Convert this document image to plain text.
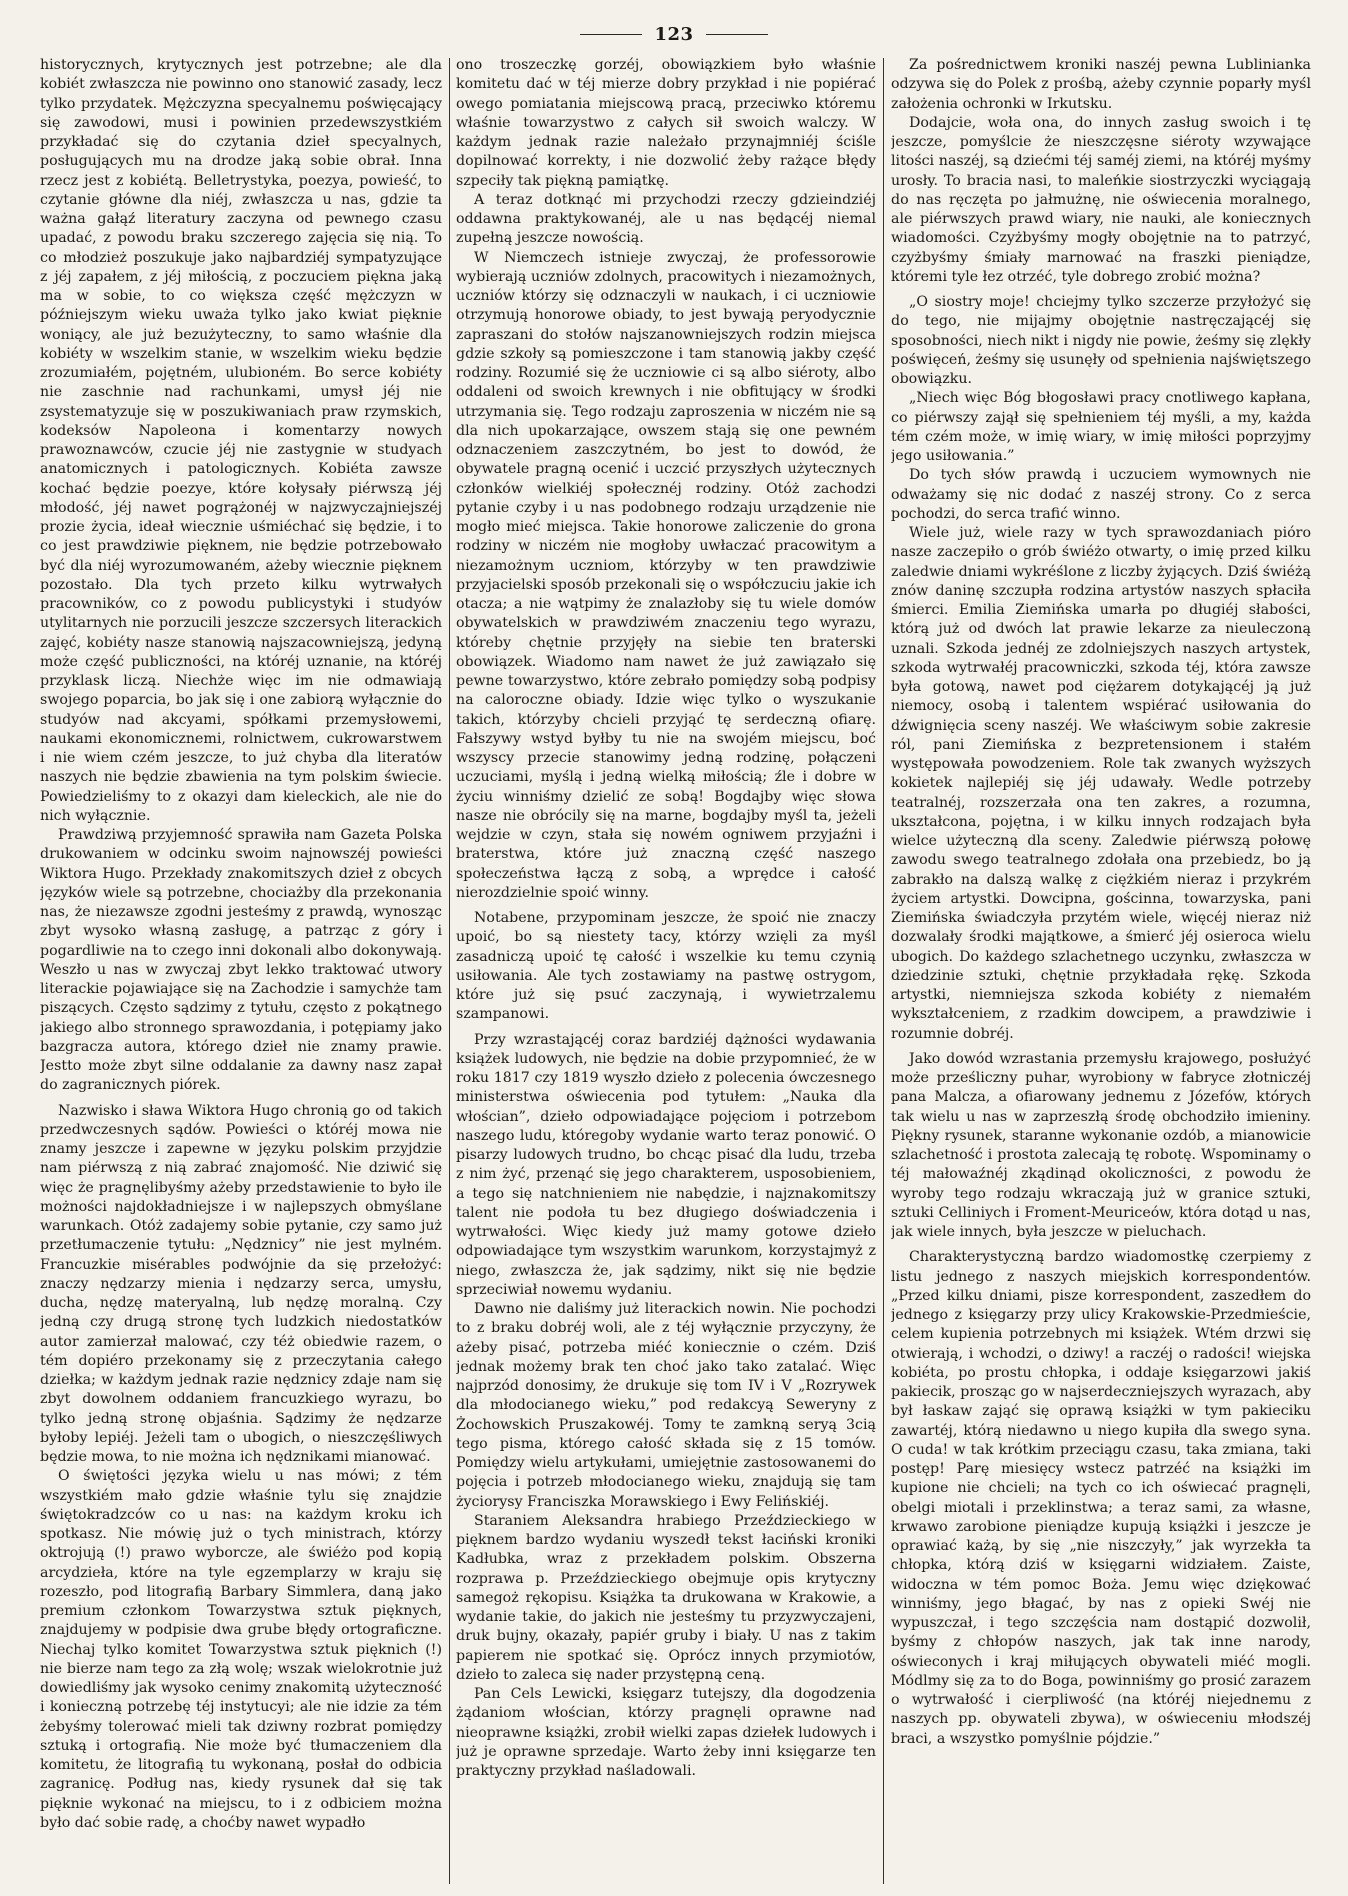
123

historycznych, krytycznych jest potrzebne; ale dla kobiét zwłaszcza nie powinno ono stanowić zasady, lecz tylko przydatek. Mężczyzna specyalnemu poświęcający się zawodowi, musi i powinien przedewszystkiém przykładać się do czytania dzieł specyalnych, posługujących mu na drodze jaką sobie obrał. Inna rzecz jest z kobiétą. Belletrystyka, poezya, powieść, to czytanie główne dla niéj, zwłaszcza u nas, gdzie ta ważna gałąź literatury zaczyna od pewnego czasu upadać, z powodu braku szczerego zajęcia się nią. To co młodzież poszukuje jako najbardziéj sympatyzujące z jéj zapałem, z jéj miłością, z poczuciem piękna jaką ma w sobie, to co większa część mężczyzn w późniejszym wieku uważa tylko jako kwiat pięknie woniący, ale już bezużyteczny, to samo właśnie dla kobiéty w wszelkim stanie, w wszelkim wieku będzie zrozumiałém, pojętném, ulubioném. Bo serce kobiéty nie zaschnie nad rachunkami, umysł jéj nie zsystematyzuje się w poszukiwaniach praw rzymskich, kodeksów Napoleona i komentarzy nowych prawoznawców, czucie jéj nie zastygnie w studyach anatomicznych i patologicznych. Kobiéta zawsze kochać będzie poezye, które kołysały piérwszą jéj młodość, jéj nawet pogrążonéj w najzwyczajniejszéj prozie życia, ideał wiecznie uśmiéchać się będzie, i to co jest prawdziwie pięknem, nie będzie potrzebowało być dla niéj wyrozumowaném, ażeby wiecznie pięknem pozostało. Dla tych przeto kilku wytrwałych pracowników, co z powodu publicystyki i studyów utylitarnych nie porzucili jeszcze szczersych literackich zajęć, kobiéty nasze stanowią najszacowniejszą, jedyną może część publiczności, na któréj uznanie, na któréj przyklask liczą. Niechże więc im nie odmawiają swojego poparcia, bo jak się i one zabiorą wyłącznie do studyów nad akcyami, spółkami przemysłowemi, naukami ekonomicznemi, rolnictwem, cukrowarstwem i nie wiem czém jeszcze, to już chyba dla literatów naszych nie będzie zbawienia na tym polskim świecie. Powiedzieliśmy to z okazyi dam kieleckich, ale nie do nich wyłącznie.

Prawdziwą przyjemność sprawiła nam Gazeta Polska drukowaniem w odcinku swoim najnowszéj powieści Wiktora Hugo. Przekłady znakomitszych dzieł z obcych języków wiele są potrzebne, chociażby dla przekonania nas, że niezawsze zgodni jesteśmy z prawdą, wynosząc zbyt wysoko własną zasługę, a patrząc z góry i pogardliwie na to czego inni dokonali albo dokonywają. Weszło u nas w zwyczaj zbyt lekko traktować utwory literackie pojawiające się na Zachodzie i samychże tam piszących. Często sądzimy z tytułu, często z pokątnego jakiego albo stronnego sprawozdania, i potępiamy jako bazgracza autora, którego dzieł nie znamy prawie. Jestto może zbyt silne oddalanie za dawny nasz zapał do zagranicznych piórek.

Nazwisko i sława Wiktora Hugo chronią go od takich przedwczesnych sądów. Powieści o któréj mowa nie znamy jeszcze i zapewne w języku polskim przyjdzie nam piérwszą z nią zabrać znajomość. Nie dziwić się więc że pragnęlibyśmy ażeby przedstawienie to było ile możności najdokładniejsze i w najlepszych obmyślane warunkach. Otóż zadajemy sobie pytanie, czy samo już przetłumaczenie tytułu: „Nędznicy” nie jest mylném. Francuzkie misérables podwójnie da się przełożyć: znaczy nędzarzy mienia i nędzarzy serca, umysłu, ducha, nędzę materyalną, lub nędzę moralną. Czy jedną czy drugą stronę tych ludzkich niedostatków autor zamierzał malować, czy téż obiedwie razem, o tém dopiéro przekonamy się z przeczytania całego dziełka; w każdym jednak razie nędznicy zdaje nam się zbyt dowolnem oddaniem francuzkiego wyrazu, bo tylko jedną stronę objaśnia. Sądzimy że nędzarze byłoby lepiéj. Jeżeli tam o ubogich, o nieszczęśliwych będzie mowa, to nie można ich nędznikami mianować.

O świętości języka wielu u nas mówi; z tém wszystkiém mało gdzie właśnie tylu się znajdzie świętokradzców co u nas: na każdym kroku ich spotkasz. Nie mówię już o tych ministrach, którzy oktrojują (!) prawo wyborcze, ale świéżo pod kopią arcydzieła, które na tyle egzemplarzy w kraju się rozeszło, pod litografią Barbary Simmlera, daną jako premium członkom Towarzystwa sztuk pięknych, znajdujemy w podpisie dwa grube błędy ortograficzne. Niechaj tylko komitet Towarzystwa sztuk pięknich (!) nie bierze nam tego za złą wolę; wszak wielokrotnie już dowiedliśmy jak wysoko cenimy znakomitą użyteczność i konieczną potrzebę téj instytucyi; ale nie idzie za tém żebyśmy tolerować mieli tak dziwny rozbrat pomiędzy sztuką i ortografią. Nie może być tłumaczeniem dla komitetu, że litografią tu wykonaną, posłał do odbicia zagranicę. Podług nas, kiedy rysunek dał się tak pięknie wykonać na miejscu, to i z odbiciem można było dać sobie radę, a choćby nawet wypadło

ono troszeczkę gorzéj, obowiązkiem było właśnie komitetu dać w téj mierze dobry przykład i nie popiérać owego pomiatania miejscową pracą, przeciwko któremu właśnie towarzystwo z całych sił swoich walczy. W każdym jednak razie należało przynajmniéj ściśle dopilnować korrekty, i nie dozwolić żeby rażące błędy szpeciły tak piękną pamiątkę.

A teraz dotknąć mi przychodzi rzeczy gdzieindziéj oddawna praktykowanéj, ale u nas będącéj niemal zupełną jeszcze nowością.

W Niemczech istnieje zwyczaj, że professorowie wybierają uczniów zdolnych, pracowitych i niezamożnych, uczniów którzy się odznaczyli w naukach, i ci uczniowie otrzymują honorowe obiady, to jest bywają peryodycznie zapraszani do stołów najszanowniejszych rodzin miejsca gdzie szkoły są pomieszczone i tam stanowią jakby część rodziny. Rozumié się że uczniowie ci są albo siéroty, albo oddaleni od swoich krewnych i nie obfitujący w środki utrzymania się. Tego rodzaju zaproszenia w niczém nie są dla nich upokarzające, owszem stają się one pewném odznaczeniem zaszczytném, bo jest to dowód, że obywatele pragną ocenić i uczcić przyszłych użytecznych członków wielkiéj społecznéj rodziny. Otóż zachodzi pytanie czyby i u nas podobnego rodzaju urządzenie nie mogło mieć miejsca. Takie honorowe zaliczenie do grona rodziny w niczém nie mogłoby uwłaczać pracowitym a niezamożnym uczniom, którzyby w ten prawdziwie przyjacielski sposób przekonali się o współczuciu jakie ich otacza; a nie wątpimy że znalazłoby się tu wiele domów obywatelskich w prawdziwém znaczeniu tego wyrazu, któreby chętnie przyjęły na siebie ten braterski obowiązek. Wiadomo nam nawet że już zawiązało się pewne towarzystwo, które zebrało pomiędzy sobą podpisy na caloroczne obiady. Idzie więc tylko o wyszukanie takich, którzyby chcieli przyjąć tę serdeczną ofiarę. Fałszywy wstyd byłby tu nie na swojém miejscu, boć wszyscy przecie stanowimy jedną rodzinę, połączeni uczuciami, myślą i jedną wielką miłością; źle i dobre w życiu winniśmy dzielić ze sobą! Bogdajby więc słowa nasze nie obrócily się na marne, bogdajby myśl ta, jeżeli wejdzie w czyn, stała się nowém ogniwem przyjaźni i braterstwa, które już znaczną część naszego społeczeństwa łączą z sobą, a wprędce i całość nierozdzielnie spoić winny.

Notabene, przypominam jeszcze, że spoić nie znaczy upoić, bo są niestety tacy, którzy wzięli za myśl zasadniczą upoić tę całość i wszelkie ku temu czynią usiłowania. Ale tych zostawiamy na pastwę ostrygom, które już się psuć zaczynają, i wywietrzalemu szampanowi.

Przy wzrastającéj coraz bardziéj dążności wydawania książek ludowych, nie będzie na dobie przypomnieć, że w roku 1817 czy 1819 wyszło dzieło z polecenia ówczesnego ministerstwa oświecenia pod tytułem: „Nauka dla włościan”, dzieło odpowiadające pojęciom i potrzebom naszego ludu, któregoby wydanie warto teraz ponowić. O pisarzy ludowych trudno, bo chcąc pisać dla ludu, trzeba z nim żyć, przenąć się jego charakterem, usposobieniem, a tego się natchnieniem nie nabędzie, i najznakomitszy talent nie podoła tu bez długiego doświadczenia i wytrwałości. Więc kiedy już mamy gotowe dzieło odpowiadające tym wszystkim warunkom, korzystajmyż z niego, zwłaszcza że, jak sądzimy, nikt się nie będzie sprzeciwiał nowemu wydaniu.

Dawno nie daliśmy już literackich nowin. Nie pochodzi to z braku dobréj woli, ale z téj wyłącznie przyczyny, że ażeby pisać, potrzeba miéć koniecznie o czém. Dziś jednak możemy brak ten choć jako tako zatalać. Więc najprzód donosimy, że drukuje się tom IV i V „Rozrywek dla młodocianego wieku,” pod redakcyą Seweryny z Żochowskich Pruszakowéj. Tomy te zamkną seryą 3cią tego pisma, którego całość składa się z 15 tomów. Pomiędzy wielu artykułami, umiejętnie zastosowanemi do pojęcia i potrzeb młodocianego wieku, znajdują się tam życiorysy Franciszka Morawskiego i Ewy Felińskiéj.

Staraniem Aleksandra hrabiego Przeździeckiego w pięknem bardzo wydaniu wyszedł tekst łaciński kroniki Kadłubka, wraz z przekładem polskim. Obszerna rozprawa p. Przeździeckiego obejmuje opis krytyczny samegoż rękopisu. Książka ta drukowana w Krakowie, a wydanie takie, do jakich nie jesteśmy tu przyzwyczajeni, druk bujny, okazały, papiér gruby i biały. U nas z takim papierem nie spotkać się. Oprócz innych przymiotów, dzieło to zaleca się nader przystępną ceną.

Pan Cels Lewicki, księgarz tutejszy, dla dogodzenia żądaniom włościan, którzy pragnęli oprawne nad nieoprawne książki, zrobił wielki zapas dziełek ludowych i już je oprawne sprzedaje. Warto żeby inni księgarze ten praktyczny przykład naśladowali.

Za pośrednictwem kroniki naszéj pewna Lublinianka odzywa się do Polek z prośbą, ażeby czynnie poparły myśl założenia ochronki w Irkutsku.

Dodajcie, woła ona, do innych zasług swoich i tę jeszcze, pomyślcie że nieszczęsne siéroty wzywające litości naszéj, są dziećmi téj saméj ziemi, na któréj myśmy urosły. To bracia nasi, to maleńkie siostrzyczki wyciągają do nas ręczęta po jałmużnę, nie oświecenia moralnego, ale piérwszych prawd wiary, nie nauki, ale koniecznych wiadomości. Czyżbyśmy mogły obojętnie na to patrzyć, czyżbyśmy śmiały marnować na fraszki pieniądze, któremi tyle łez otrzéć, tyle dobrego zrobić można?

„O siostry moje! chciejmy tylko szczerze przyłożyć się do tego, nie mijajmy obojętnie nastręczającéj się sposobności, niech nikt i nigdy nie powie, żeśmy się zlękły poświęceń, żeśmy się usunęły od spełnienia najświętszego obowiązku.

„Niech więc Bóg błogosławi pracy cnotliwego kapłana, co piérwszy zajął się spełnieniem téj myśli, a my, każda tém czém może, w imię wiary, w imię miłości poprzyjmy jego usiłowania.”

Do tych słów prawdą i uczuciem wymownych nie odważamy się nic dodać z naszéj strony. Co z serca pochodzi, do serca trafić winno.

Wiele już, wiele razy w tych sprawozdaniach pióro nasze zaczepiło o grób świéżo otwarty, o imię przed kilku zaledwie dniami wykréślone z liczby żyjących. Dziś świéżą znów daninę szczupła rodzina artystów naszych spłaciła śmierci. Emilia Ziemińska umarła po długiéj słabości, którą już od dwóch lat prawie lekarze za nieuleczoną uznali. Szkoda jednéj ze zdolniejszych naszych artystek, szkoda wytrwałéj pracowniczki, szkoda téj, która zawsze była gotową, nawet pod ciężarem dotykającéj ją już niemocy, osobą i talentem wspiérać usiłowania do dźwignięcia sceny naszéj. We właściwym sobie zakresie ról, pani Ziemińska z bezpretensionem i stałém występowała powodzeniem. Role tak zwanych wyższych kokietek najlepiéj się jéj udawały. Wedle potrzeby teatralnéj, rozszerzała ona ten zakres, a rozumna, ukształcona, pojętna, i w kilku innych rodzajach była wielce użyteczną dla sceny. Zaledwie piérwszą połowę zawodu swego teatralnego zdołała ona przebiedz, bo ją zabrakło na dalszą walkę z ciężkiém nieraz i przykrém życiem artystki. Dowcipna, gościnna, towarzyska, pani Ziemińska świadczyła przytém wiele, więcéj nieraz niż dozwalały środki majątkowe, a śmierć jéj osieroca wielu ubogich. Do każdego szlachetnego uczynku, zwłaszcza w dziedzinie sztuki, chętnie przykładała rękę. Szkoda artystki, niemniejsza szkoda kobiéty z niemałém wykształceniem, z rzadkim dowcipem, a prawdziwie i rozumnie dobréj.

Jako dowód wzrastania przemysłu krajowego, posłużyć może prześliczny puhar, wyrobiony w fabryce złotniczéj pana Malcza, a ofiarowany jednemu z Józefów, których tak wielu u nas w zaprzeszłą środę obchodziło imieniny. Piękny rysunek, staranne wykonanie ozdób, a mianowicie szlachetność i prostota zalecają tę robotę. Wspominamy o téj małowaźnéj zkądinąd okoliczności, z powodu że wyroby tego rodzaju wkraczają już w granice sztuki, sztuki Celliniych i Froment-Meuriceów, która dotąd u nas, jak wiele innych, była jeszcze w pieluchach.

Charakterystyczną bardzo wiadomostkę czerpiemy z listu jednego z naszych miejskich korrespondentów. „Przed kilku dniami, pisze korrespondent, zaszedłem do jednego z księgarzy przy ulicy Krakowskie-Przedmieście, celem kupienia potrzebnych mi książek. Wtém drzwi się otwierają, i wchodzi, o dziwy! a raczéj o radości! wiejska kobiéta, po prostu chłopka, i oddaje księgarzowi jakiś pakiecik, prosząc go w najserdeczniejszych wyrazach, aby był łaskaw zająć się oprawą książki w tym pakieciku zawartéj, którą niedawno u niego kupiła dla swego syna. O cuda! w tak krótkim przeciągu czasu, taka zmiana, taki postęp! Parę miesięcy wstecz patrzéć na książki im kupione nie chcieli; na tych co ich oświecać pragnęli, obelgi miotali i przeklinstwa; a teraz sami, za własne, krwawo zarobione pieniądze kupują książki i jeszcze je oprawiać każą, by się „nie niszczyły,” jak wyrzekła ta chłopka, którą dziś w księgarni widziałem. Zaiste, widoczna w tém pomoc Boża. Jemu więc dziękować winniśmy, jego błagać, by nas z opieki Swéj nie wypuszczał, i tego szczęścia nam dostąpić dozwolił, byśmy z chłopów naszych, jak tak inne narody, oświeconych i kraj miłujących obywateli miéć mogli. Módlmy się za to do Boga, powinniśmy go prosić zarazem o wytrwałość i cierpliwość (na któréj niejednemu z naszych pp. obywateli zbywa), w oświeceniu młodszéj braci, a wszystko pomyślnie pójdzie.”
